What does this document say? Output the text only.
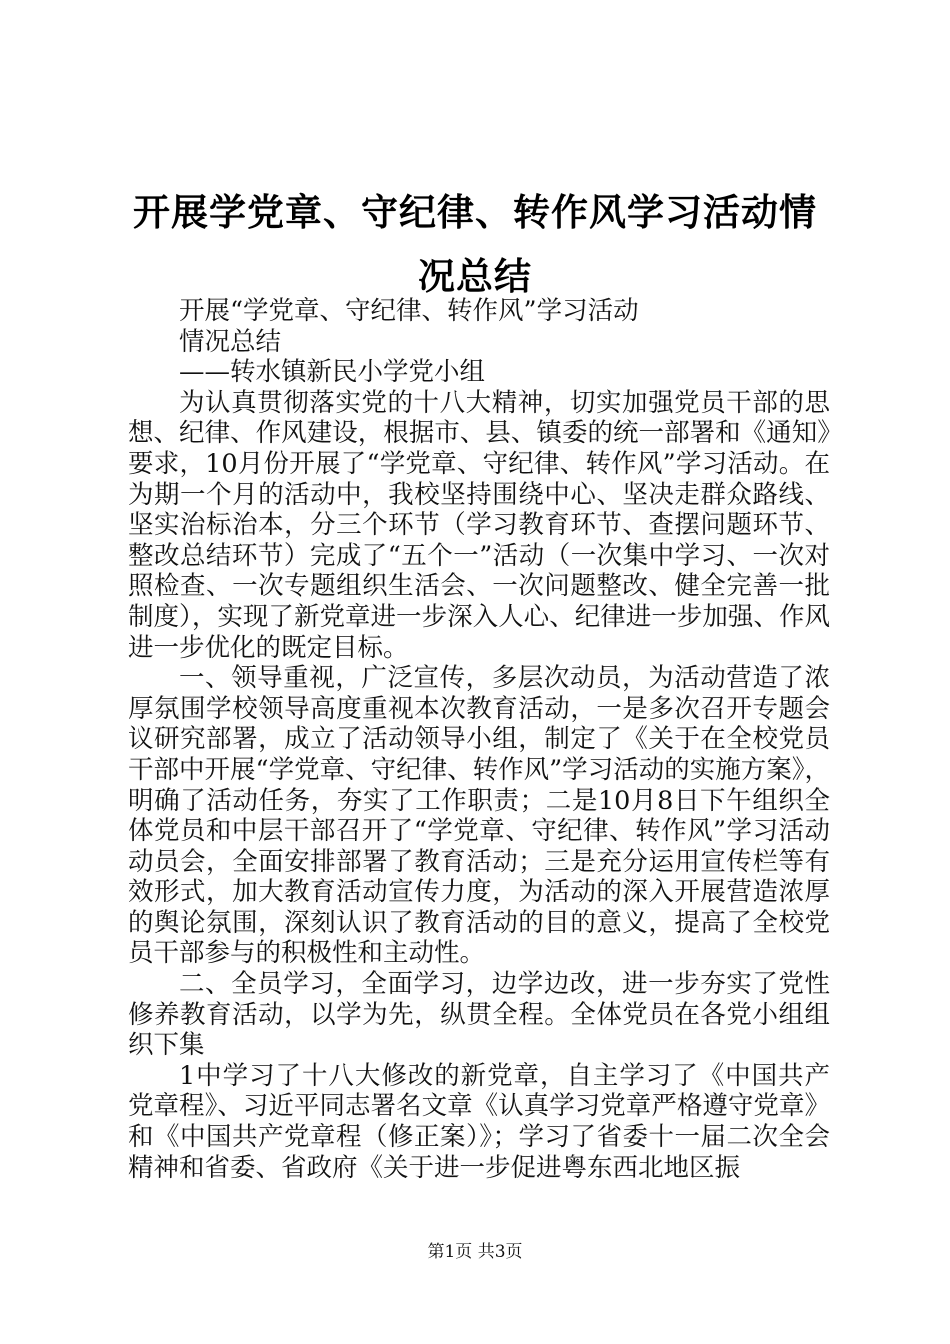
开展学党章、守纪律、转作风学习活动情况总结

开展“学党章、守纪律、转作风”学习活动

情况总结

——转水镇新民小学党小组

为认真贯彻落实党的十八大精神，切实加强党员干部的思想、纪律、作风建设，根据市、县、镇委的统一部署和《通知》要求，10月份开展了“学党章、守纪律、转作风”学习活动。在为期一个月的活动中，我校坚持围绕中心、坚决走群众路线、坚实治标治本，分三个环节（学习教育环节、查摆问题环节、整改总结环节）完成了“五个一”活动（一次集中学习、一次对照检查、一次专题组织生活会、一次问题整改、健全完善一批制度），实现了新党章进一步深入人心、纪律进一步加强、作风进一步优化的既定目标。

一、领导重视，广泛宣传，多层次动员，为活动营造了浓厚氛围学校领导高度重视本次教育活动，一是多次召开专题会议研究部署，成立了活动领导小组，制定了《关于在全校党员干部中开展“学党章、守纪律、转作风”学习活动的实施方案》，明确了活动任务，夯实了工作职责；二是10月8日下午组织全体党员和中层干部召开了“学党章、守纪律、转作风”学习活动动员会，全面安排部署了教育活动；三是充分运用宣传栏等有效形式，加大教育活动宣传力度，为活动的深入开展营造浓厚的舆论氛围，深刻认识了教育活动的目的意义，提高了全校党员干部参与的积极性和主动性。

二、全员学习，全面学习，边学边改，进一步夯实了党性修养教育活动，以学为先，纵贯全程。全体党员在各党小组组织下集

1中学习了十八大修改的新党章，自主学习了《中国共产党章程》、习近平同志署名文章《认真学习党章严格遵守党章》和《中国共产党章程（修正案）》；学习了省委十一届二次全会精神和省委、省政府《关于进一步促进粤东西北地区振

第1页 共3页
